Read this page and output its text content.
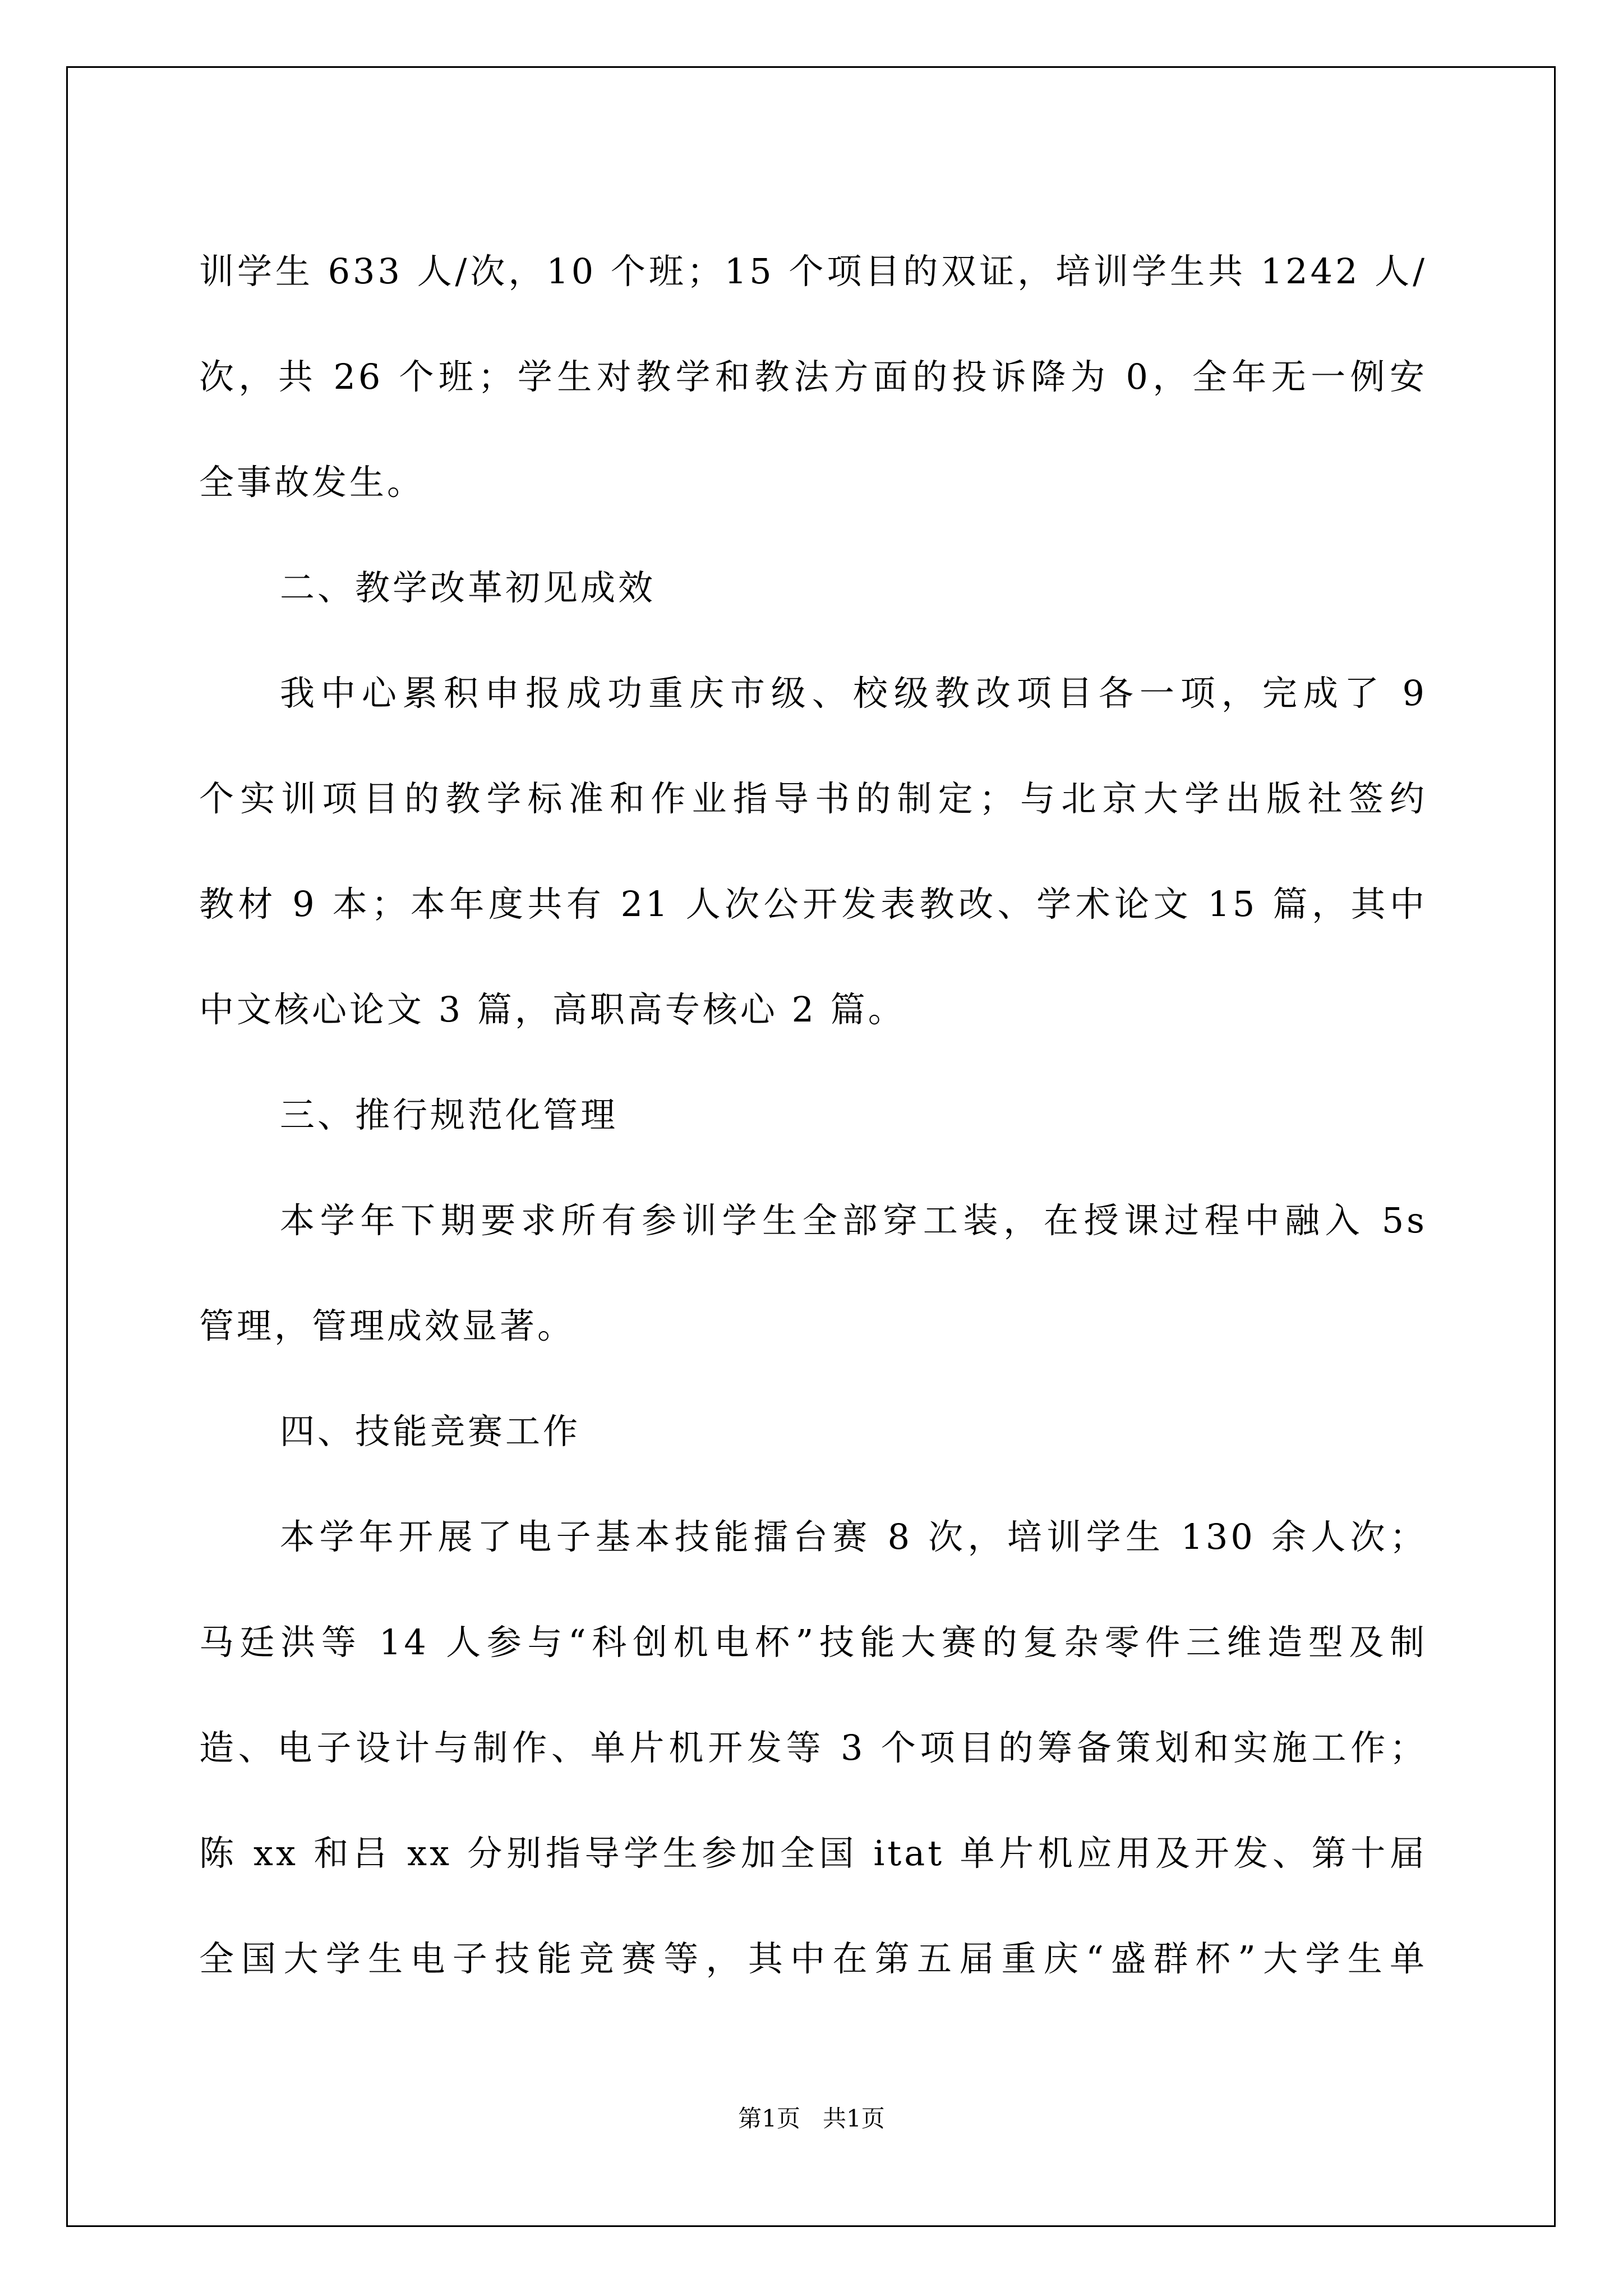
训学生 633 人/次，10 个班；15 个项目的双证，培训学生共 1242 人/
次，共 26 个班；学生对教学和教法方面的投诉降为 0，全年无一例安
全事故发生。
二、教学改革初见成效
我中心累积申报成功重庆市级、校级教改项目各一项，完成了 9
个实训项目的教学标准和作业指导书的制定；与北京大学出版社签约
教材 9 本；本年度共有 21 人次公开发表教改、学术论文 15 篇，其中
中文核心论文 3 篇，高职高专核心 2 篇。
三、推行规范化管理
本学年下期要求所有参训学生全部穿工装，在授课过程中融入 5s
管理，管理成效显著。
四、技能竞赛工作
本学年开展了电子基本技能擂台赛 8 次，培训学生 130 余人次；
马廷洪等 14 人参与“科创机电杯”技能大赛的复杂零件三维造型及制
造、电子设计与制作、单片机开发等 3 个项目的筹备策划和实施工作；
陈 xx 和吕 xx 分别指导学生参加全国 itat 单片机应用及开发、第十届
全国大学生电子技能竞赛等，其中在第五届重庆“盛群杯”大学生单
第1页 共1页
